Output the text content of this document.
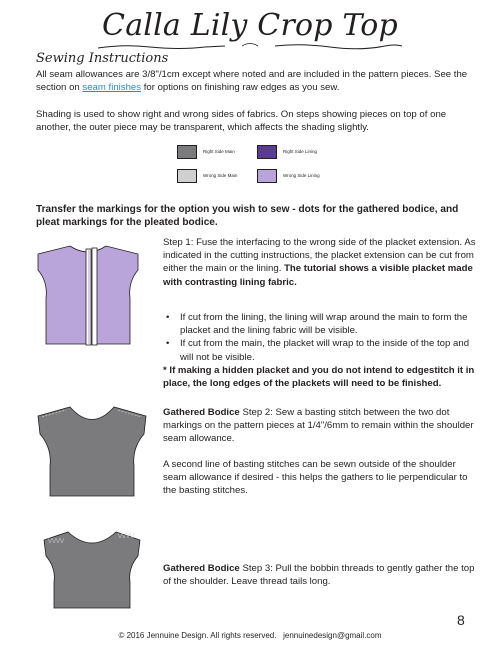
Calla Lily Crop Top
Sewing Instructions
All seam allowances are 3/8"/1cm except where noted and are included in the pattern pieces. See the section on seam finishes for options on finishing raw edges as you sew.
Shading is used to show right and wrong sides of fabrics. On steps showing pieces on top of one another, the outer piece may be transparent, which affects the shading slightly.
Right Side Main	Right Side Lining
Wrong Side Main	Wrong Side Lining
Transfer the markings for the option you wish to sew - dots for the gathered bodice, and pleat markings for the pleated bodice.
Step 1: Fuse the interfacing to the wrong side of the placket extension. As indicated in the cutting instructions, the placket extension can be cut from either the main or the lining. The tutorial shows a visible placket made with contrasting lining fabric.
• If cut from the lining, the lining will wrap around the main to form the placket and the lining fabric will be visible.
• If cut from the main, the placket will wrap to the inside of the top and will not be visible.
* If making a hidden placket and you do not intend to edgestitch it in place, the long edges of the plackets will need to be finished.
Gathered Bodice Step 2: Sew a basting stitch between the two dot markings on the pattern pieces at 1/4"/6mm to remain within the shoulder seam allowance.
A second line of basting stitches can be sewn outside of the shoulder seam allowance if desired - this helps the gathers to lie perpendicular to the basting stitches.
Gathered Bodice Step 3: Pull the bobbin threads to gently gather the top of the shoulder. Leave thread tails long.
8
© 2016 Jennuine Design. All rights reserved. jennuinedesign@gmail.com
